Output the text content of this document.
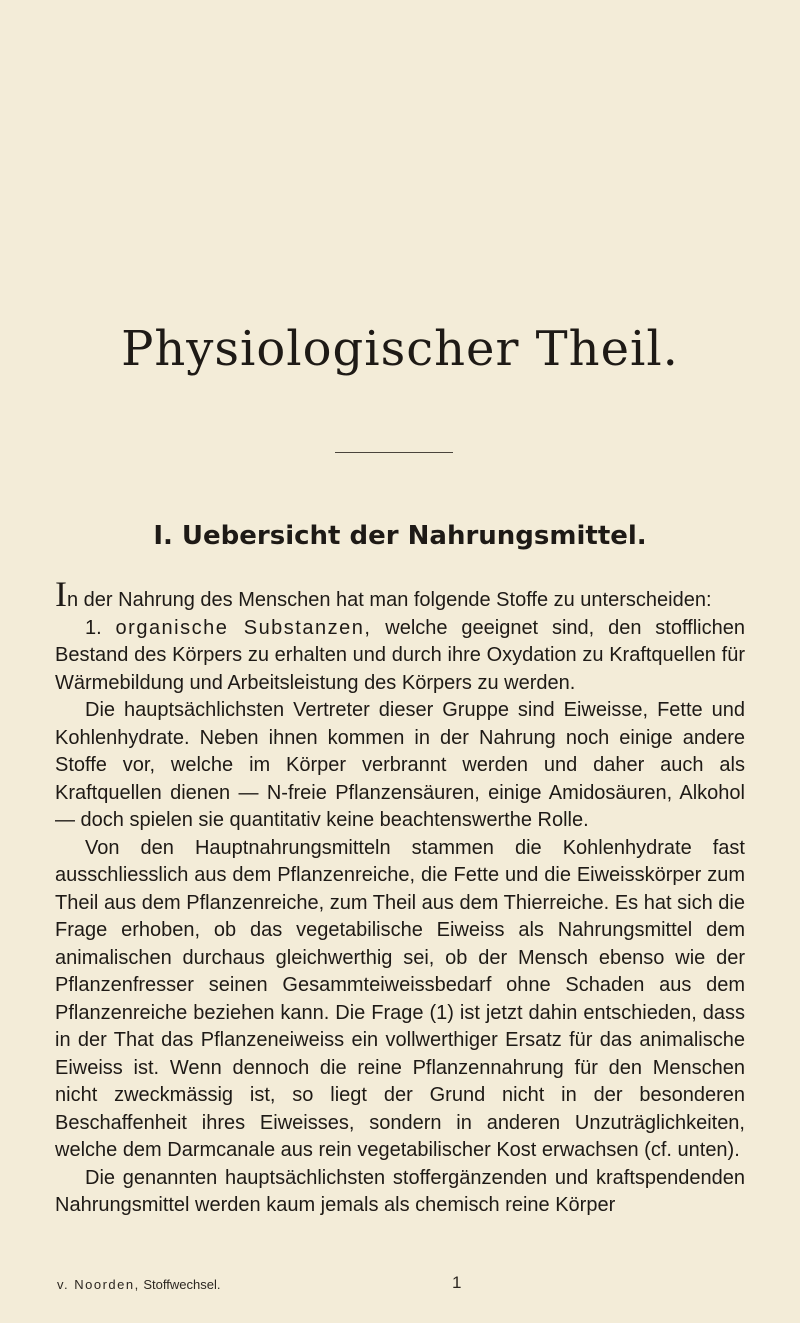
Physiologischer Theil.
I. Uebersicht der Nahrungsmittel.

In der Nahrung des Menschen hat man folgende Stoffe zu unterscheiden:

1. organische Substanzen, welche geeignet sind, den stofflichen Bestand des Körpers zu erhalten und durch ihre Oxydation zu Kraftquellen für Wärmebildung und Arbeitsleistung des Körpers zu werden.

Die hauptsächlichsten Vertreter dieser Gruppe sind Eiweisse, Fette und Kohlenhydrate. Neben ihnen kommen in der Nahrung noch einige andere Stoffe vor, welche im Körper verbrannt werden und daher auch als Kraftquellen dienen — N-freie Pflanzensäuren, einige Amidosäuren, Alkohol — doch spielen sie quantitativ keine beachtenswerthe Rolle.

Von den Hauptnahrungsmitteln stammen die Kohlenhydrate fast ausschliesslich aus dem Pflanzenreiche, die Fette und die Eiweisskörper zum Theil aus dem Pflanzenreiche, zum Theil aus dem Thierreiche. Es hat sich die Frage erhoben, ob das vegetabilische Eiweiss als Nahrungsmittel dem animalischen durchaus gleichwerthig sei, ob der Mensch ebenso wie der Pflanzenfresser seinen Gesammteiweissbedarf ohne Schaden aus dem Pflanzenreiche beziehen kann. Die Frage (1) ist jetzt dahin entschieden, dass in der That das Pflanzeneiweiss ein vollwerthiger Ersatz für das animalische Eiweiss ist. Wenn dennoch die reine Pflanzennahrung für den Menschen nicht zweckmässig ist, so liegt der Grund nicht in der besonderen Beschaffenheit ihres Eiweisses, sondern in anderen Unzuträglichkeiten, welche dem Darmcanale aus rein vegetabilischer Kost erwachsen (cf. unten).

Die genannten hauptsächlichsten stoffergänzenden und kraftspendenden Nahrungsmittel werden kaum jemals als chemisch reine Körper

v. Noorden, Stoffwechsel.	1
